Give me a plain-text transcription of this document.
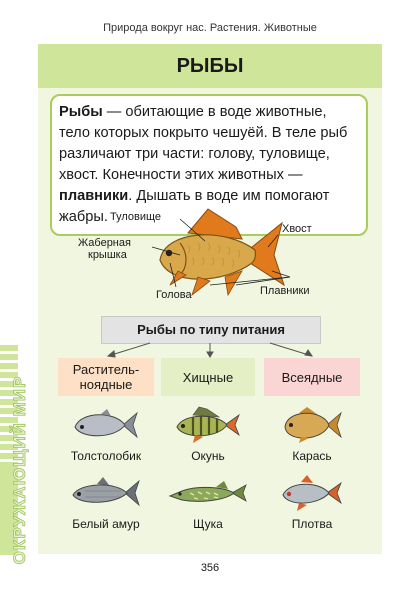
Природа вокруг нас. Растения. Животные
ОКРУЖАЮЩИЙ МИР
РЫБЫ
Рыбы — обитающие в воде животные, тело которых покрыто чешуёй. В теле рыб различают три части: голову, туловище, хвост. Конечности этих животных — плавники. Дышать в воде им помогают жабры. Туловище
Жаберная
крышка
Голова
Хвост
Плавники
Рыбы по типу питания
Раститель-
ноядные	Хищные	Всеядные
Толстолобик	Окунь	Карась
Белый амур	Щука	Плотва
356
